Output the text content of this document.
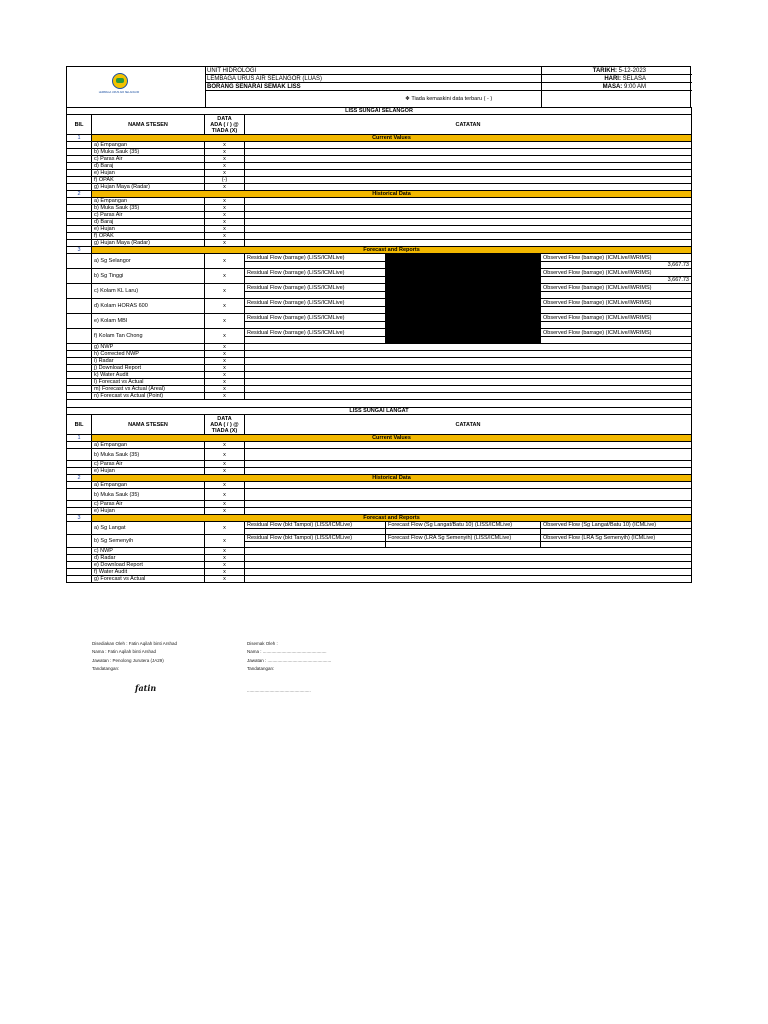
LEMBAGA URUS AIR SELANGOR
UNIT HIDROLOGI
LEMBAGA URUS AIR SELANGOR (LUAS)
BORANG SENARAI SEMAK LISS
❖ Tiada kemaskini data terbaru ( - )
TARIKH: 5-12-2023
HARI: SELASA
MASA: 9:00 AM
LISS SUNGAI SELANGOR					
BIL	NAMA STESEN	DATA
ADA ( / ) @
TIADA (X)	CATATAN		
1	Current Values				
	a) Empangan	x			
	b) Muka Sauk (35)	x			
	c) Paras Air	x			
	d) Baraj	x			
	e) Hujan	x			
	f) OPAK	(-)			
	g) Hujan Maya (Radar)	x			
2	Historical Data				
	a) Empangan	x			
	b) Muka Sauk (35)	x			
	c) Paras Air	x			
	d) Baraj	x			
	e) Hujan	x			
	f) OPAK	x			
	g) Hujan Maya (Radar)	x			
3	Forecast and Reports				
	a) Sg Selangor	x	Residual Flow (barrage) (LISS/ICMLive)		Observed Flow (barrage) (ICMLive/IWRIMS)
					3,667.73
	b) Sg Tinggi	x	Residual Flow (barrage) (LISS/ICMLive)		Observed Flow (barrage) (ICMLive/IWRIMS)
					3,667.73
	c) Kolam KL Laru)	x	Residual Flow (barrage) (LISS/ICMLive)		Observed Flow (barrage) (ICMLive/IWRIMS)

	d) Kolam HORAS 600	x	Residual Flow (barrage) (LISS/ICMLive)		Observed Flow (barrage) (ICMLive/IWRIMS)

	e) Kolam MBI	x	Residual Flow (barrage) (LISS/ICMLive)		Observed Flow (barrage) (ICMLive/IWRIMS)

	f) Kolam Tan Chong	x	Residual Flow (barrage) (LISS/ICMLive)		Observed Flow (barrage) (ICMLive/IWRIMS)

	g) NWP	x			
	h) Corrected NWP	x			
	i) Radar	x			
	j) Download Report	x			
	k) Water Audit	x			
	l) Forecast vs Actual	x			
	m) Forecast vs Actual (Areal)	x			
	n) Forecast vs Actual (Point)	x			

LISS SUNGAI LANGAT					
BIL	NAMA STESEN	DATA
ADA ( / ) @
TIADA (X)	CATATAN		
1	Current Values				
	a) Empangan	x			
	b) Muka Sauk (35)	x			
	c) Paras Air	x			
	e) Hujan	x			
2	Historical Data				
	a) Empangan	x			
	b) Muka Sauk (35)	x			
	c) Paras Air	x			
	e) Hujan	x			
3	Forecast and Reports				
	a) Sg Langat	x	Residual Flow (bkt Tampoi) (LISS/ICMLive)	Forecast Flow (Sg Langat/Batu 10) (LISS/ICMLive)	Observed Flow (Sg Langat/Batu 10) (ICMLive)

	b) Sg Semenyih	x	Residual Flow (bkt Tampoi) (LISS/ICMLive)	Forecast Flow (LRA Sg Semenyih) (LISS/ICMLive)	Observed Flow (LRA Sg Semenyih) (ICMLive)

	c) NWP	x			
	d) Radar	x			
	e) Download Report	x			
	f) Water Audit	x			
	g) Forecast vs Actual	x			
Disediakan Oleh : Fatin Aqilah binti Arshad
Nama : Fatin Aqilah binti Arshad
Jawatan : Penolong Jurutera (JA29)
Tandatangan:
Disemak Oleh :
Nama : ...................................................
Jawatan : ...................................................
Tandatangan:
fatin	...................................................
